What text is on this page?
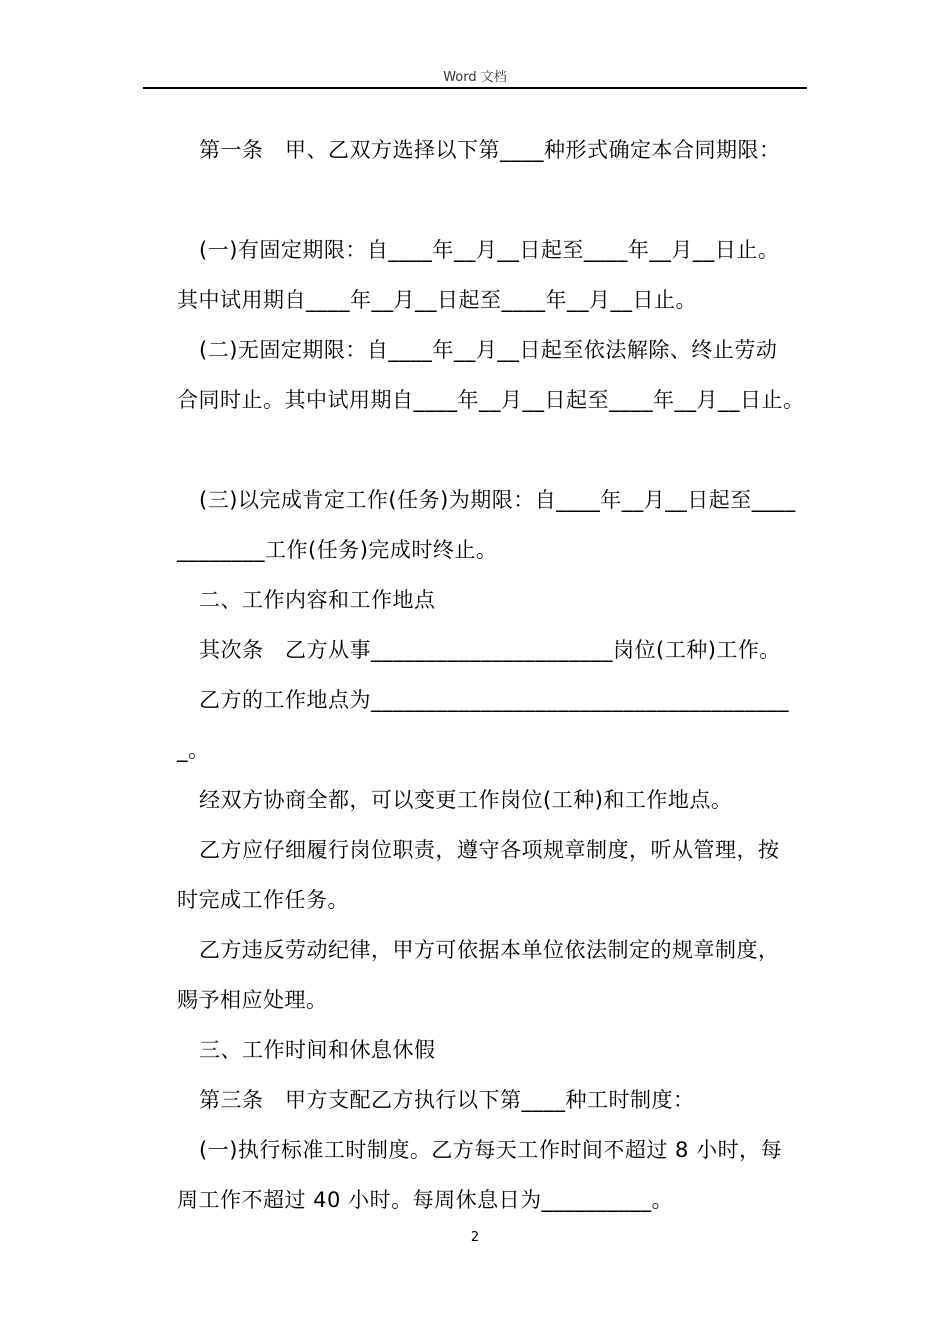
Word 文档
第一条　甲、乙双方选择以下第____种形式确定本合同期限：
(一)有固定期限：自____年__月__日起至____年__月__日止。
其中试用期自____年__月__日起至____年__月__日止。
(二)无固定期限：自____年__月__日起至依法解除、终止劳动
合同时止。其中试用期自____年__月__日起至____年__月__日止。
(三)以完成肯定工作(任务)为期限：自____年__月__日起至____
________工作(任务)完成时终止。
二、工作内容和工作地点
其次条　乙方从事______________________岗位(工种)工作。
乙方的工作地点为______________________________________
_。
经双方协商全都，可以变更工作岗位(工种)和工作地点。
乙方应仔细履行岗位职责，遵守各项规章制度，听从管理，按
时完成工作任务。
乙方违反劳动纪律，甲方可依据本单位依法制定的规章制度，
赐予相应处理。
三、工作时间和休息休假
第三条　甲方支配乙方执行以下第____种工时制度：
(一)执行标准工时制度。乙方每天工作时间不超过 8 小时，每
周工作不超过 40 小时。每周休息日为__________。
2
